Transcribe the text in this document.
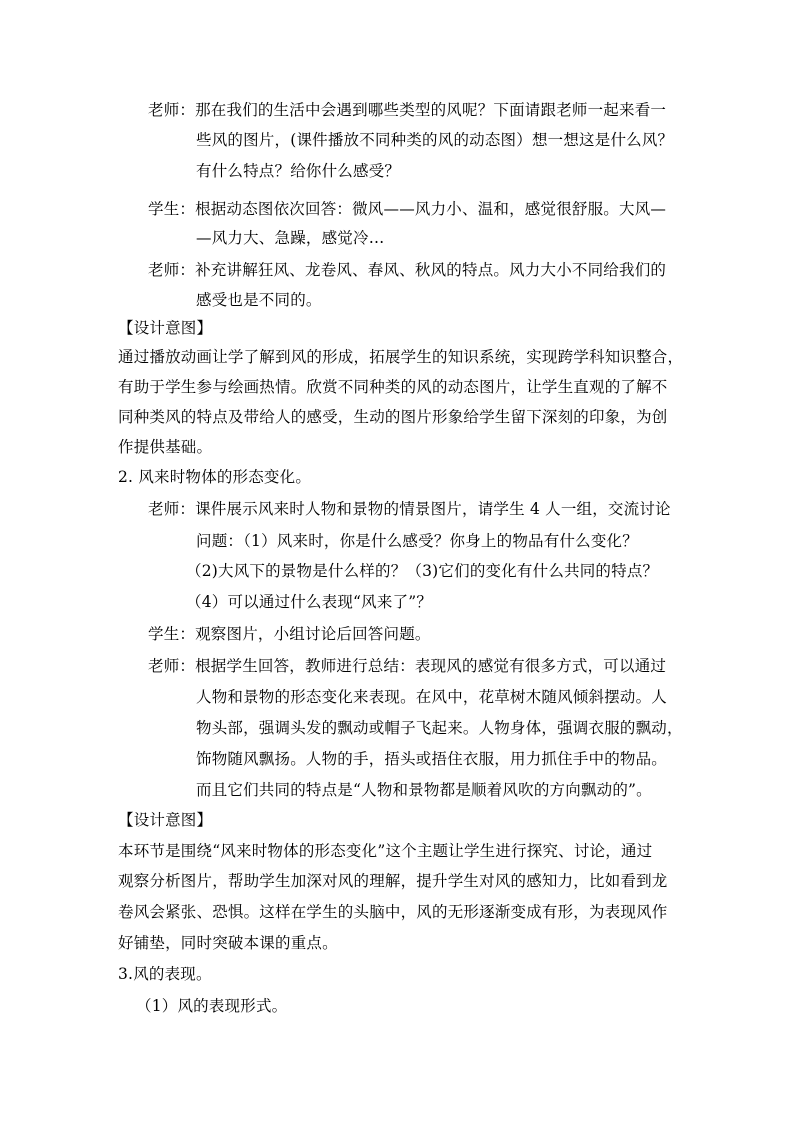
老师：那在我们的生活中会遇到哪些类型的风呢？下面请跟老师一起来看一
些风的图片，(课件播放不同种类的风的动态图）想一想这是什么风？
有什么特点？给你什么感受？
学生：根据动态图依次回答：微风——风力小、温和，感觉很舒服。大风—
—风力大、急躁，感觉冷…
老师：补充讲解狂风、龙卷风、春风、秋风的特点。风力大小不同给我们的
感受也是不同的。
【设计意图】
通过播放动画让学了解到风的形成，拓展学生的知识系统，实现跨学科知识整合，
有助于学生参与绘画热情。欣赏不同种类的风的动态图片，让学生直观的了解不
同种类风的特点及带给人的感受，生动的图片形象给学生留下深刻的印象，为创
作提供基础。
2. 风来时物体的形态变化。
老师：课件展示风来时人物和景物的情景图片，请学生 4 人一组，交流讨论
问题：（1）风来时，你是什么感受？你身上的物品有什么变化？
（2)大风下的景物是什么样的？（3)它们的变化有什么共同的特点？
（4）可以通过什么表现“风来了”？
学生：观察图片，小组讨论后回答问题。
老师：根据学生回答，教师进行总结：表现风的感觉有很多方式，可以通过
人物和景物的形态变化来表现。在风中，花草树木随风倾斜摆动。人
物头部，强调头发的飘动或帽子飞起来。人物身体，强调衣服的飘动，
饰物随风飘扬。人物的手，捂头或捂住衣服，用力抓住手中的物品。
而且它们共同的特点是“人物和景物都是顺着风吹的方向飘动的”。
【设计意图】
本环节是围绕“风来时物体的形态变化”这个主题让学生进行探究、讨论，通过
观察分析图片，帮助学生加深对风的理解，提升学生对风的感知力，比如看到龙
卷风会紧张、恐惧。这样在学生的头脑中，风的无形逐渐变成有形，为表现风作
好铺垫，同时突破本课的重点。
3.风的表现。
（1）风的表现形式。
